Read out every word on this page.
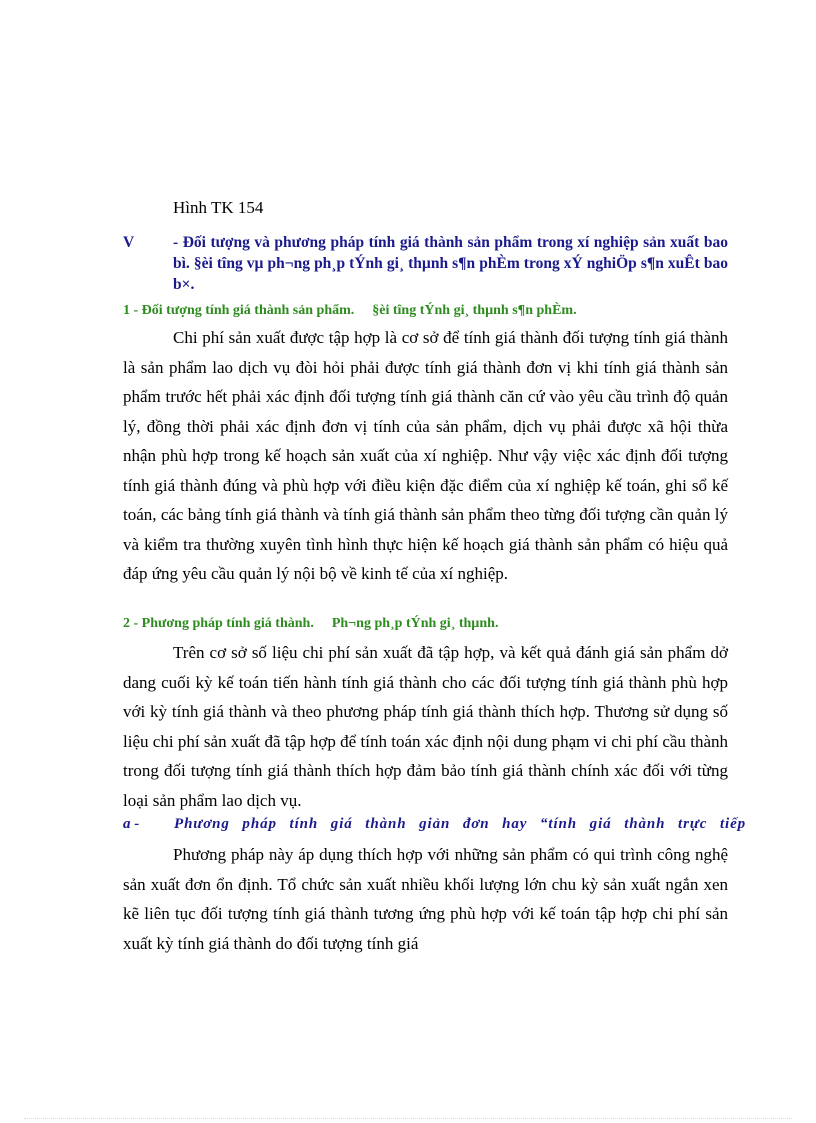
Hình TK 154
V	- Đối tượng và phương pháp tính giá thành sản phẩm trong xí nghiệp sản xuất bao bì. §èi tîng vµ ph¬ng ph¸p tÝnh gi¸ thµnh s¶n phÈm trong xÝ nghiÖp s¶n xuÊt bao b×.
1 - Đối tượng tính giá thành sản phẩm. §èi tîng tÝnh gi¸ thµnh s¶n phÈm.

Chi phí sản xuất được tập hợp là cơ sở để tính giá thành đối tượng tính giá thành là sản phẩm lao dịch vụ đòi hỏi phải được tính giá thành đơn vị khi tính giá thành sản phẩm trước hết phải xác định đối tượng tính giá thành căn cứ vào yêu cầu trình độ quản lý, đồng thời phải xác định đơn vị tính của sản phẩm, dịch vụ phải được xã hội thừa nhận phù hợp trong kế hoạch sản xuất của xí nghiệp. Như vậy việc xác định đối tượng tính giá thành đúng và phù hợp với điều kiện đặc điểm của xí nghiệp kế toán, ghi sổ kế toán, các bảng tính giá thành và tính giá thành sản phẩm theo từng đối tượng cần quản lý và kiểm tra thường xuyên tình hình thực hiện kế hoạch giá thành sản phẩm có hiệu quả đáp ứng yêu cầu quản lý nội bộ về kinh tế của xí nghiệp.

2 - Phương pháp tính giá thành. Ph¬ng ph¸p tÝnh gi¸ thµnh.

Trên cơ sở số liệu chi phí sản xuất đã tập hợp, và kết quả đánh giá sản phẩm dở dang cuối kỳ kế toán tiến hành tính giá thành cho các đối tượng tính giá thành phù hợp với kỳ tính giá thành và theo phương pháp tính giá thành thích hợp. Thương sử dụng số liệu chi phí sản xuất đã tập hợp để tính toán xác định nội dung phạm vi chi phí cầu thành trong đối tượng tính giá thành thích hợp đảm bảo tính giá thành chính xác đối với từng loại sản phẩm lao dịch vụ.

a - Phương pháp tính giá thành giản đơn hay “tính giá thành trực tiếp

Phương pháp này áp dụng thích hợp với những sản phẩm có qui trình công nghệ sản xuất đơn ổn định. Tổ chức sản xuất nhiều khối lượng lớn chu kỳ sản xuất ngắn xen kẽ liên tục đối tượng tính giá thành tương ứng phù hợp với kế toán tập hợp chi phí sản xuất kỳ tính giá thành do đối tượng tính giá
